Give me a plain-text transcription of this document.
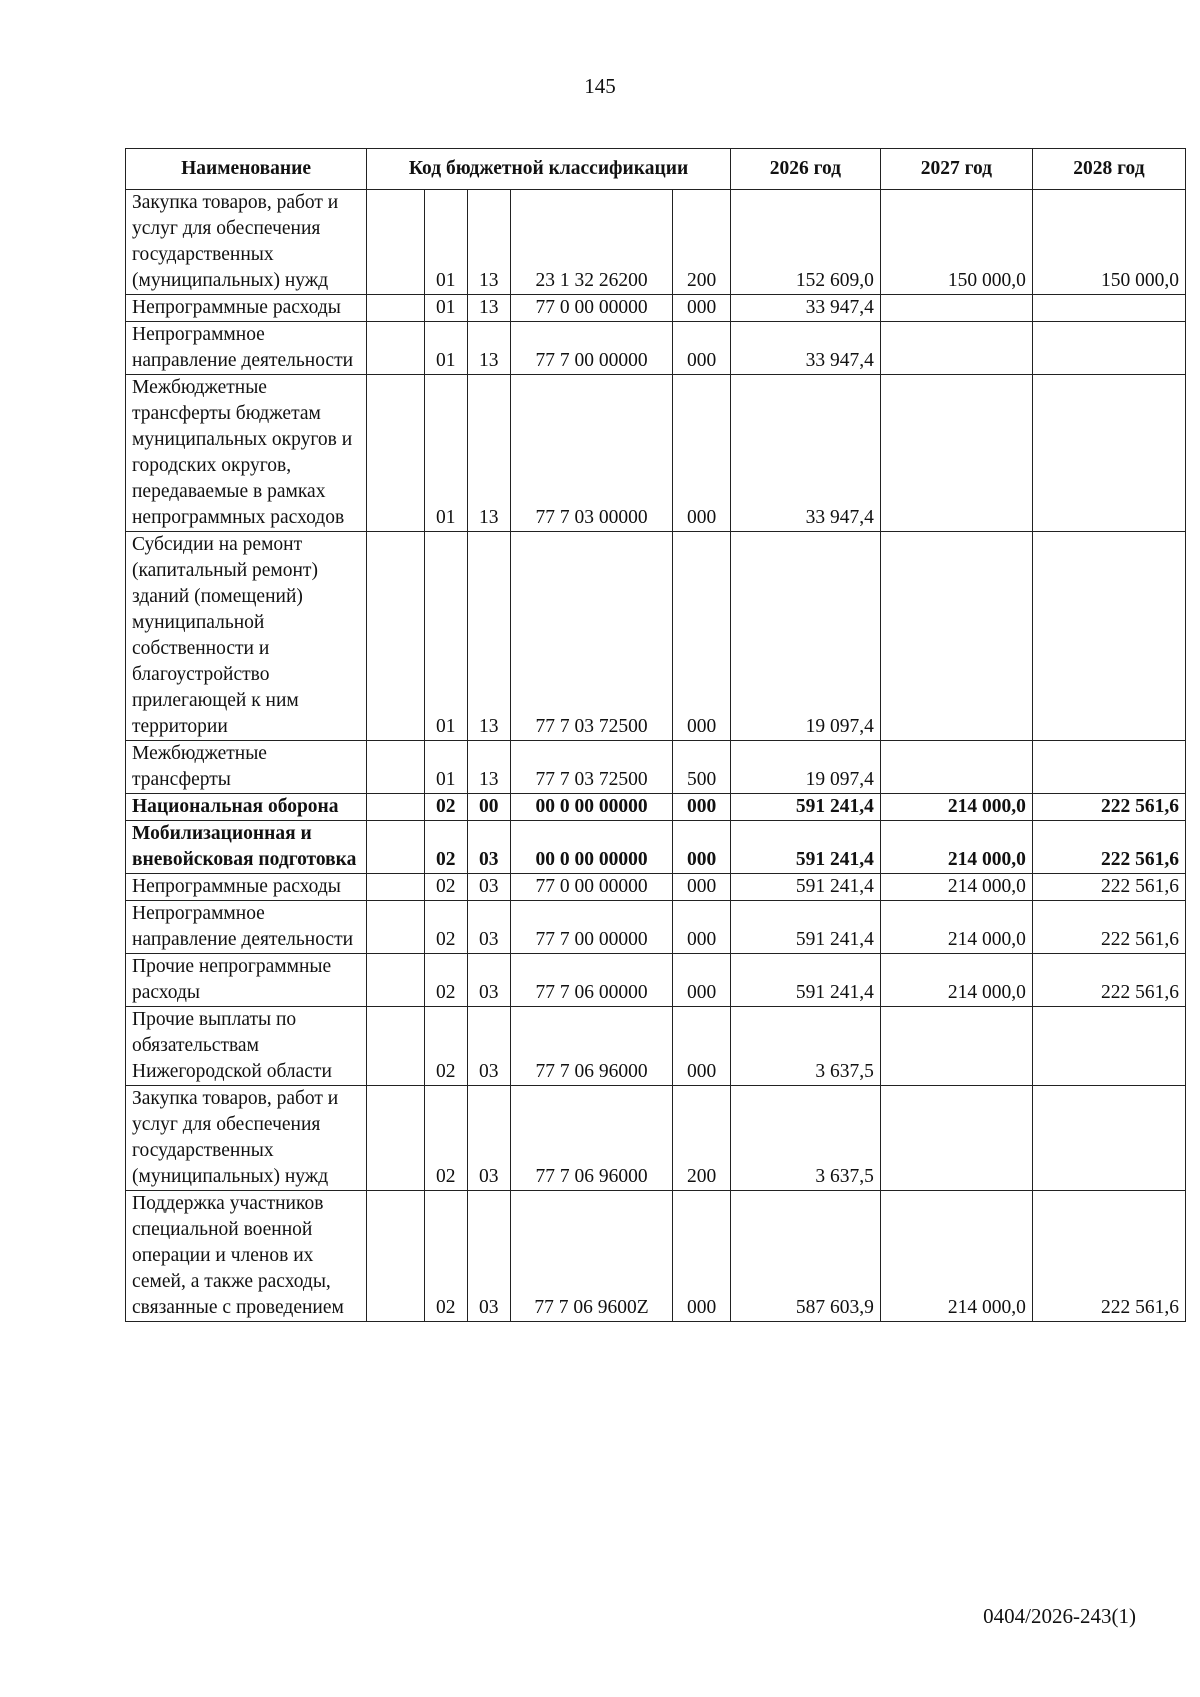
145
Наименование	Код бюджетной классификации					2026 год	2027 год	2028 год
Закупка товаров, работ и услуг для обеспечения государственных (муниципальных) нужд		01	13	23 1 32 26200	200	152 609,0	150 000,0	150 000,0
Непрограммные расходы		01	13	77 0 00 00000	000	33 947,4		
Непрограммное направление деятельности		01	13	77 7 00 00000	000	33 947,4		
Межбюджетные трансферты бюджетам муниципальных округов и городских округов, передаваемые в рамках непрограммных расходов		01	13	77 7 03 00000	000	33 947,4		
Субсидии на ремонт (капитальный ремонт) зданий (помещений) муниципальной собственности и благоустройство прилегающей к ним территории		01	13	77 7 03 72500	000	19 097,4		
Межбюджетные трансферты		01	13	77 7 03 72500	500	19 097,4		
Национальная оборона		02	00	00 0 00 00000	000	591 241,4	214 000,0	222 561,6
Мобилизационная и вневойсковая подготовка		02	03	00 0 00 00000	000	591 241,4	214 000,0	222 561,6
Непрограммные расходы		02	03	77 0 00 00000	000	591 241,4	214 000,0	222 561,6
Непрограммное направление деятельности		02	03	77 7 00 00000	000	591 241,4	214 000,0	222 561,6
Прочие непрограммные расходы		02	03	77 7 06 00000	000	591 241,4	214 000,0	222 561,6
Прочие выплаты по обязательствам Нижегородской области		02	03	77 7 06 96000	000	3 637,5		
Закупка товаров, работ и услуг для обеспечения государственных (муниципальных) нужд		02	03	77 7 06 96000	200	3 637,5		
Поддержка участников специальной военной операции и членов их семей, а также расходы, связанные с проведением		02	03	77 7 06 9600Z	000	587 603,9	214 000,0	222 561,6
0404/2026-243(1)
